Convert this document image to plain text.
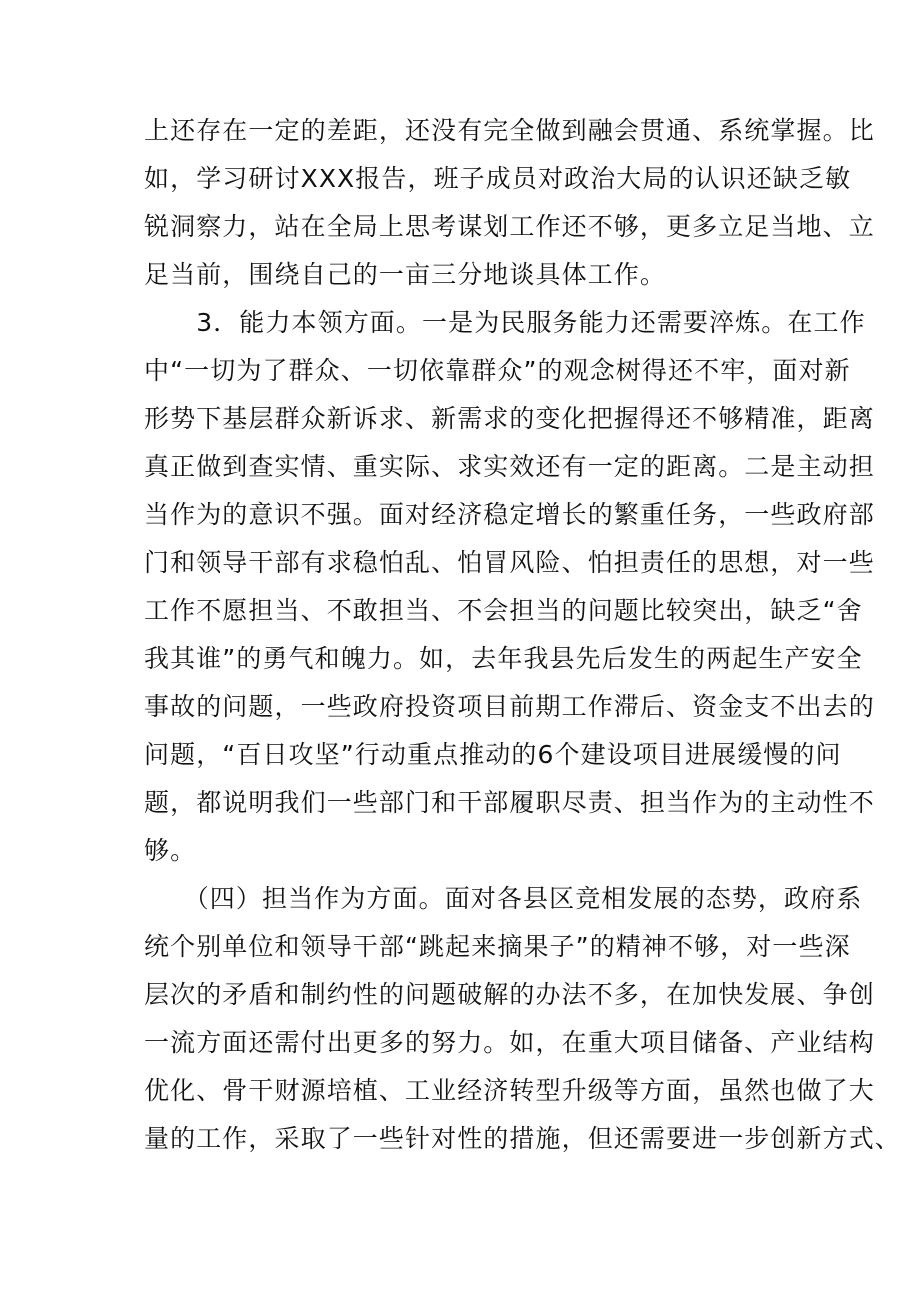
上还存在一定的差距，还没有完全做到融会贯通、系统掌握。比
如，学习研讨XXX报告，班子成员对政治大局的认识还缺乏敏
锐洞察力，站在全局上思考谋划工作还不够，更多立足当地、立
足当前，围绕自己的一亩三分地谈具体工作。
　　3．能力本领方面。一是为民服务能力还需要淬炼。在工作
中“一切为了群众、一切依靠群众”的观念树得还不牢，面对新
形势下基层群众新诉求、新需求的变化把握得还不够精准，距离
真正做到查实情、重实际、求实效还有一定的距离。二是主动担
当作为的意识不强。面对经济稳定增长的繁重任务，一些政府部
门和领导干部有求稳怕乱、怕冒风险、怕担责任的思想，对一些
工作不愿担当、不敢担当、不会担当的问题比较突出，缺乏“舍
我其谁”的勇气和魄力。如，去年我县先后发生的两起生产安全
事故的问题，一些政府投资项目前期工作滞后、资金支不出去的
问题，“百日攻坚”行动重点推动的6个建设项目进展缓慢的问
题，都说明我们一些部门和干部履职尽责、担当作为的主动性不
够。
　　（四）担当作为方面。面对各县区竞相发展的态势，政府系
统个别单位和领导干部“跳起来摘果子”的精神不够，对一些深
层次的矛盾和制约性的问题破解的办法不多，在加快发展、争创
一流方面还需付出更多的努力。如，在重大项目储备、产业结构
优化、骨干财源培植、工业经济转型升级等方面，虽然也做了大
量的工作，采取了一些针对性的措施，但还需要进一步创新方式、
